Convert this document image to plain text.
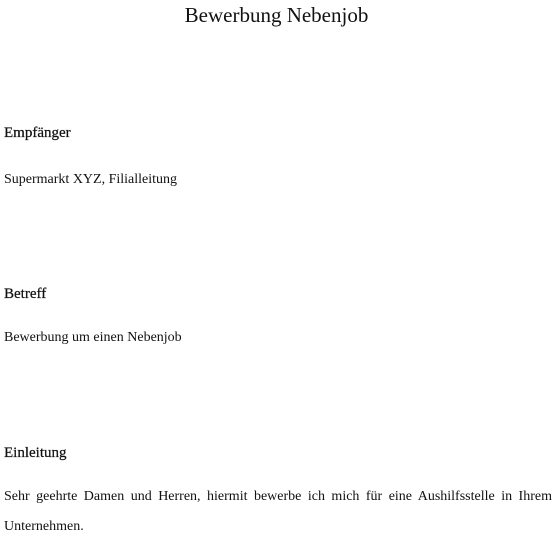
Bewerbung Nebenjob
Empfänger

Supermarkt XYZ, Filialleitung

Betreff

Bewerbung um einen Nebenjob

Einleitung

Sehr geehrte Damen und Herren, hiermit bewerbe ich mich für eine Aushilfsstelle in Ihrem Unternehmen.
